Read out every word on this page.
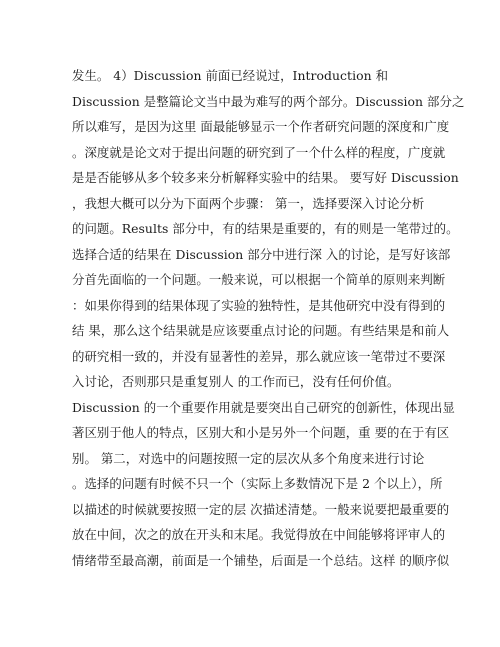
发生。 4）Discussion 前面已经说过，Introduction 和
Discussion 是整篇论文当中最为难写的两个部分。Discussion 部分之
所以难写，是因为这里 面最能够显示一个作者研究问题的深度和广度
。深度就是论文对于提出问题的研究到了一个什么样的程度，广度就
是是否能够从多个较多来分析解释实验中的结果。 要写好 Discussion
，我想大概可以分为下面两个步骤： 第一，选择要深入讨论分析
的问题。Results 部分中，有的结果是重要的，有的则是一笔带过的。
选择合适的结果在 Discussion 部分中进行深 入的讨论，是写好该部
分首先面临的一个问题。一般来说，可以根据一个简单的原则来判断
：如果你得到的结果体现了实验的独特性，是其他研究中没有得到的
结 果，那么这个结果就是应该要重点讨论的问题。有些结果是和前人
的研究相一致的，并没有显著性的差异，那么就应该一笔带过不要深
入讨论，否则那只是重复别人 的工作而已，没有任何价值。
Discussion 的一个重要作用就是要突出自己研究的创新性，体现出显
著区别于他人的特点，区别大和小是另外一个问题，重 要的在于有区
别。 第二，对选中的问题按照一定的层次从多个角度来进行讨论
。选择的问题有时候不只一个（实际上多数情况下是 2 个以上），所
以描述的时候就要按照一定的层 次描述清楚。一般来说要把最重要的
放在中间，次之的放在开头和末尾。我觉得放在中间能够将评审人的
情绪带至最高潮，前面是一个铺垫，后面是一个总结。这样 的顺序似
